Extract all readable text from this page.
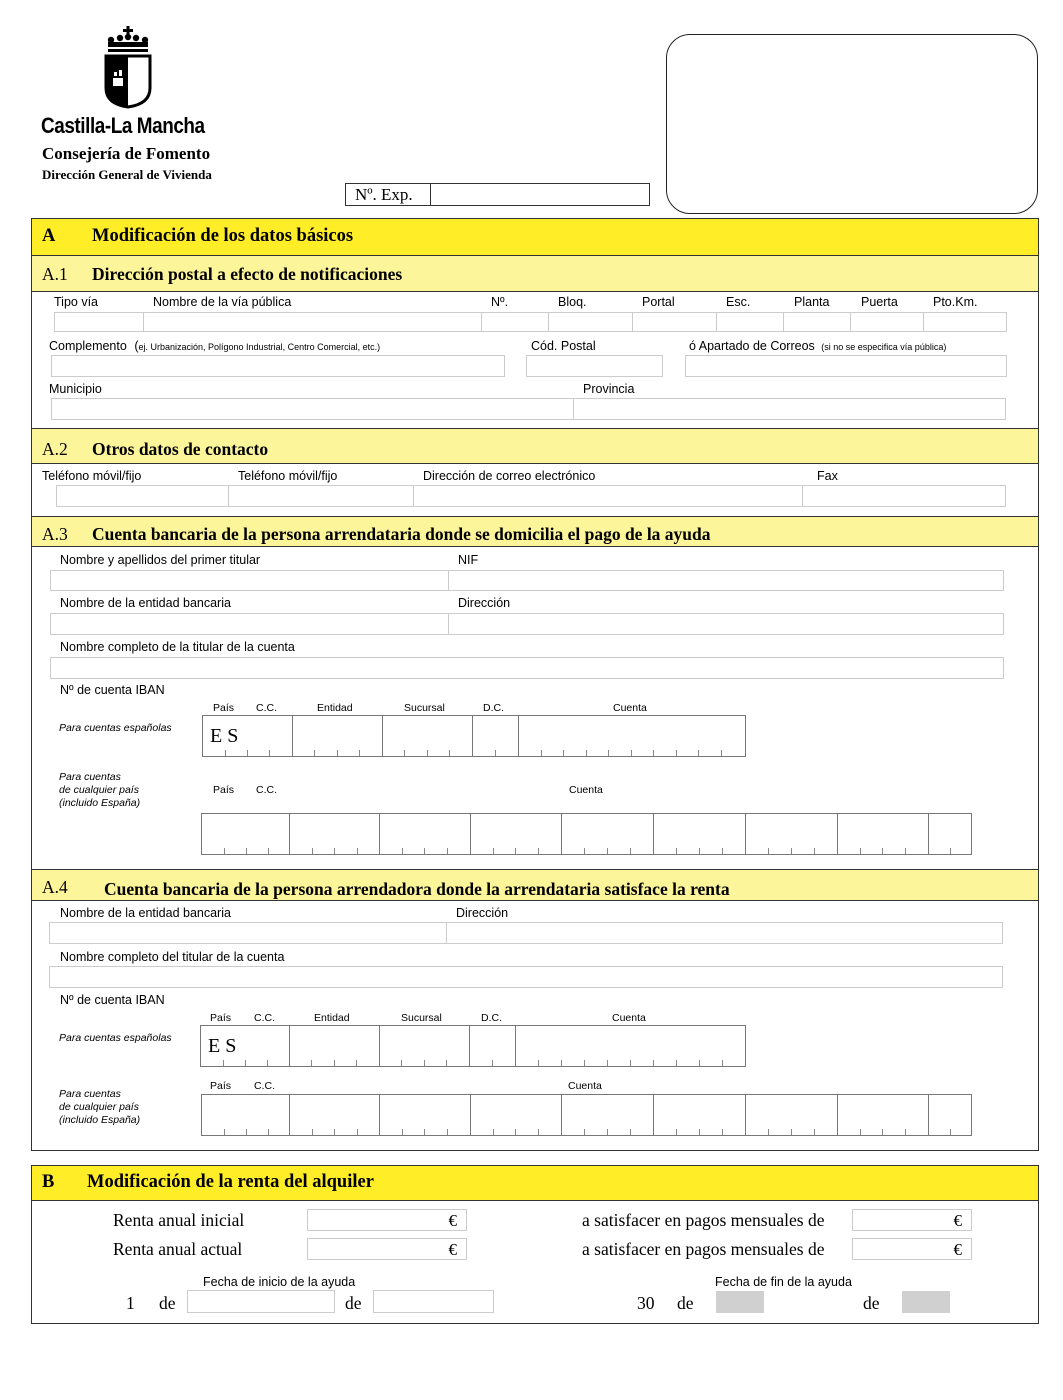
Castilla-La Mancha
Consejería de Fomento
Dirección General de Vivienda
Nº. Exp.
A Modificación de los datos básicos
A.1 Dirección postal a efecto de notificaciones
Tipo vía	Nombre de la vía pública	Nº.	Bloq.	Portal	Esc.	Planta	Puerta	Pto.Km.
Complemento (ej. Urbanización, Polígono Industrial, Centro Comercial, etc.)	Cód. Postal	ó Apartado de Correos (si no se especifica vía pública)
Municipio	Provincia
A.2 Otros datos de contacto
Teléfono móvil/fijo	Teléfono móvil/fijo	Dirección de correo electrónico	Fax
A.3 Cuenta bancaria de la persona arrendataria donde se domicilia el pago de la ayuda
Nombre y apellidos del primer titular	NIF
Nombre de la entidad bancaria	Dirección
Nombre completo de la titular de la cuenta
Nº de cuenta IBAN
Para cuentas españolas
País C.C.	Entidad	Sucursal	D.C.	Cuenta
E S
Para cuentas
de cualquier país
(incluido España)
País C.C.	Cuenta
A.4 Cuenta bancaria de la persona arrendadora donde la arrendataria satisface la renta
Nombre de la entidad bancaria	Dirección
Nombre completo del titular de la cuenta
Nº de cuenta IBAN
Para cuentas españolas
País C.C.	Entidad	Sucursal	D.C.	Cuenta
E S
Para cuentas
de cualquier país
(incluido España)
País C.C.	Cuenta
B Modificación de la renta del alquiler
Renta anual inicial	€	a satisfacer en pagos mensuales de	€
Renta anual actual	€	a satisfacer en pagos mensuales de	€
Fecha de inicio de la ayuda	Fecha de fin de la ayuda
1 de	de	30 de	de
